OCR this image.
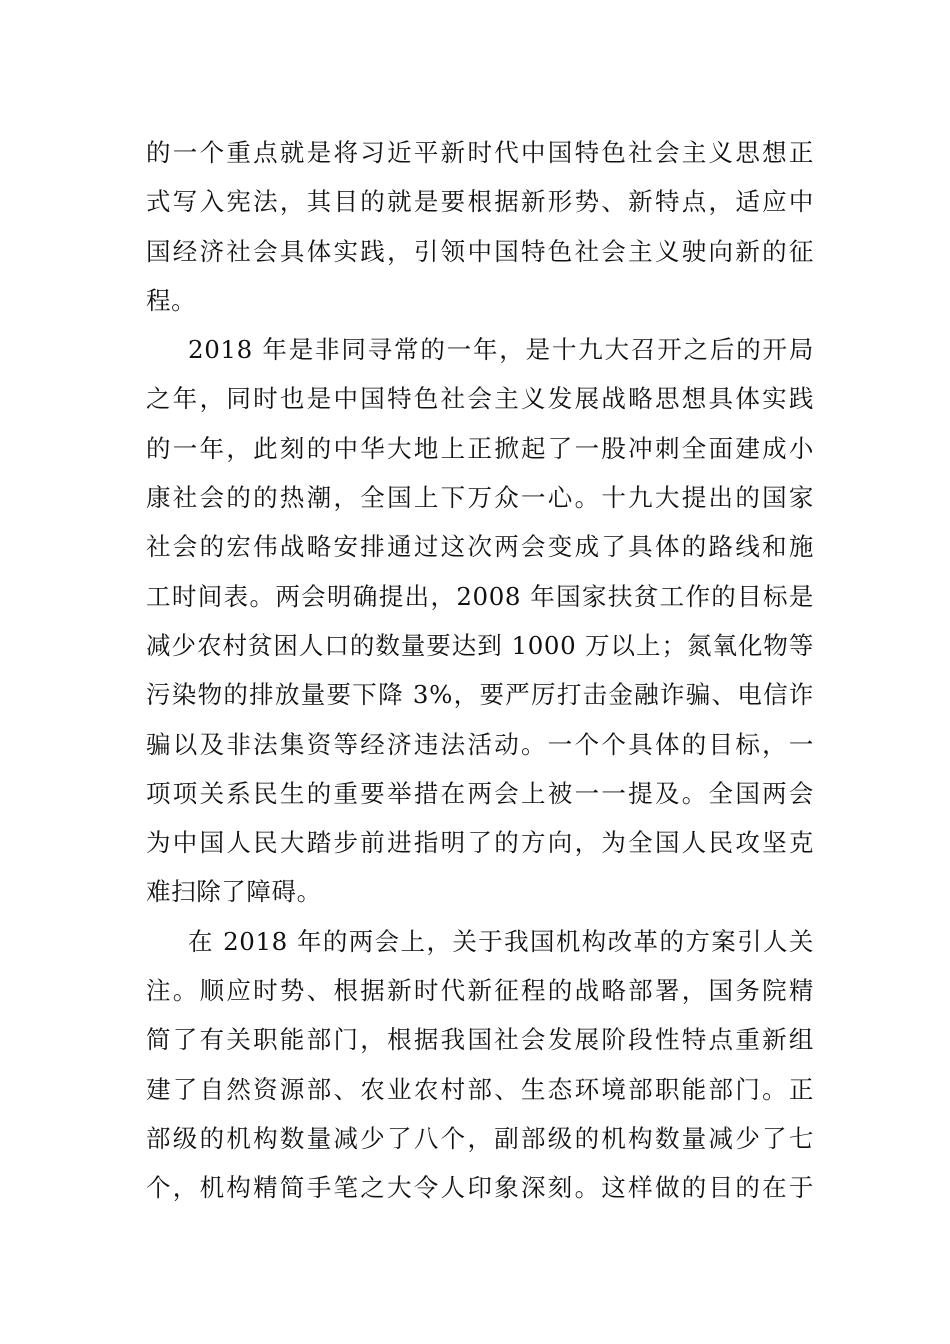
的一个重点就是将习近平新时代中国特色社会主义思想正
式写入宪法，其目的就是要根据新形势、新特点，适应中
国经济社会具体实践，引领中国特色社会主义驶向新的征
程。
2018 年是非同寻常的一年，是十九大召开之后的开局
之年，同时也是中国特色社会主义发展战略思想具体实践
的一年，此刻的中华大地上正掀起了一股冲刺全面建成小
康社会的的热潮，全国上下万众一心。十九大提出的国家
社会的宏伟战略安排通过这次两会变成了具体的路线和施
工时间表。两会明确提出，2008 年国家扶贫工作的目标是
减少农村贫困人口的数量要达到 1000 万以上；氮氧化物等
污染物的排放量要下降 3%，要严厉打击金融诈骗、电信诈
骗以及非法集资等经济违法活动。一个个具体的目标，一
项项关系民生的重要举措在两会上被一一提及。全国两会
为中国人民大踏步前进指明了的方向，为全国人民攻坚克
难扫除了障碍。
在 2018 年的两会上，关于我国机构改革的方案引人关
注。顺应时势、根据新时代新征程的战略部署，国务院精
简了有关职能部门，根据我国社会发展阶段性特点重新组
建了自然资源部、农业农村部、生态环境部职能部门。正
部级的机构数量减少了八个，副部级的机构数量减少了七
个，机构精简手笔之大令人印象深刻。这样做的目的在于
